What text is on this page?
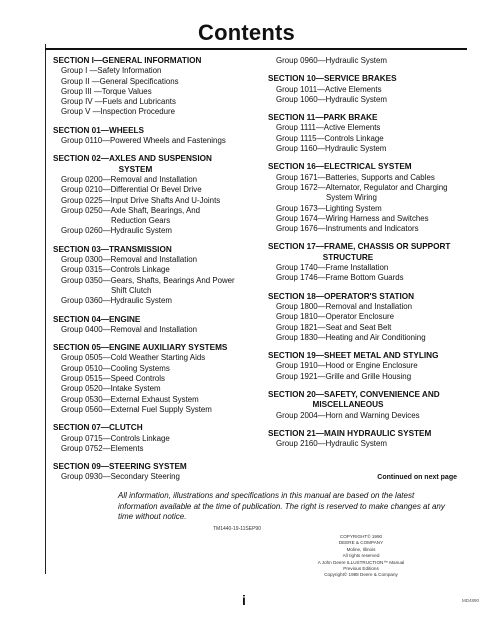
Contents
SECTION I—GENERAL INFORMATION
Group I —Safety Information
Group II —General Specifications
Group III —Torque Values
Group IV —Fuels and Lubricants
Group V —Inspection Procedure
SECTION 01—WHEELS
Group 0110—Powered Wheels and Fastenings
SECTION 02—AXLES AND SUSPENSION
SYSTEM
Group 0200—Removal and Installation
Group 0210—Differential Or Bevel Drive
Group 0225—Input Drive Shafts And U-Joints
Group 0250—Axle Shaft, Bearings, And
Reduction Gears
Group 0260—Hydraulic System
SECTION 03—TRANSMISSION
Group 0300—Removal and Installation
Group 0315—Controls Linkage
Group 0350—Gears, Shafts, Bearings And Power
Shift Clutch
Group 0360—Hydraulic System
SECTION 04—ENGINE
Group 0400—Removal and Installation
SECTION 05—ENGINE AUXILIARY SYSTEMS
Group 0505—Cold Weather Starting Aids
Group 0510—Cooling Systems
Group 0515—Speed Controls
Group 0520—Intake System
Group 0530—External Exhaust System
Group 0560—External Fuel Supply System
SECTION 07—CLUTCH
Group 0715—Controls Linkage
Group 0752—Elements
SECTION 09—STEERING SYSTEM
Group 0930—Secondary Steering
Group 0960—Hydraulic System
SECTION 10—SERVICE BRAKES
Group 1011—Active Elements
Group 1060—Hydraulic System
SECTION 11—PARK BRAKE
Group 1111—Active Elements
Group 1115—Controls Linkage
Group 1160—Hydraulic System
SECTION 16—ELECTRICAL SYSTEM
Group 1671—Batteries, Supports and Cables
Group 1672—Alternator, Regulator and Charging
System Wiring
Group 1673—Lighting System
Group 1674—Wiring Harness and Switches
Group 1676—Instruments and Indicators
SECTION 17—FRAME, CHASSIS OR SUPPORT
STRUCTURE
Group 1740—Frame Installation
Group 1746—Frame Bottom Guards
SECTION 18—OPERATOR'S STATION
Group 1800—Removal and Installation
Group 1810—Operator Enclosure
Group 1821—Seat and Seat Belt
Group 1830—Heating and Air Conditioning
SECTION 19—SHEET METAL AND STYLING
Group 1910—Hood or Engine Enclosure
Group 1921—Grille and Grille Housing
SECTION 20—SAFETY, CONVENIENCE AND
MISCELLANEOUS
Group 2004—Horn and Warning Devices
SECTION 21—MAIN HYDRAULIC SYSTEM
Group 2160—Hydraulic System
Continued on next page
All information, illustrations and specifications in this manual are based on the latest information available at the time of publication. The right is reserved to make changes at any time without notice.
TM1440-19-11SEP90
COPYRIGHT© 1990
DEERE & COMPANY
Moline, Illinois
All rights reserved
A John Deere ILLUSTRUCTION™ Manual
Previous Editions
Copyright© 1988 Deere & Company
i	MD4890
